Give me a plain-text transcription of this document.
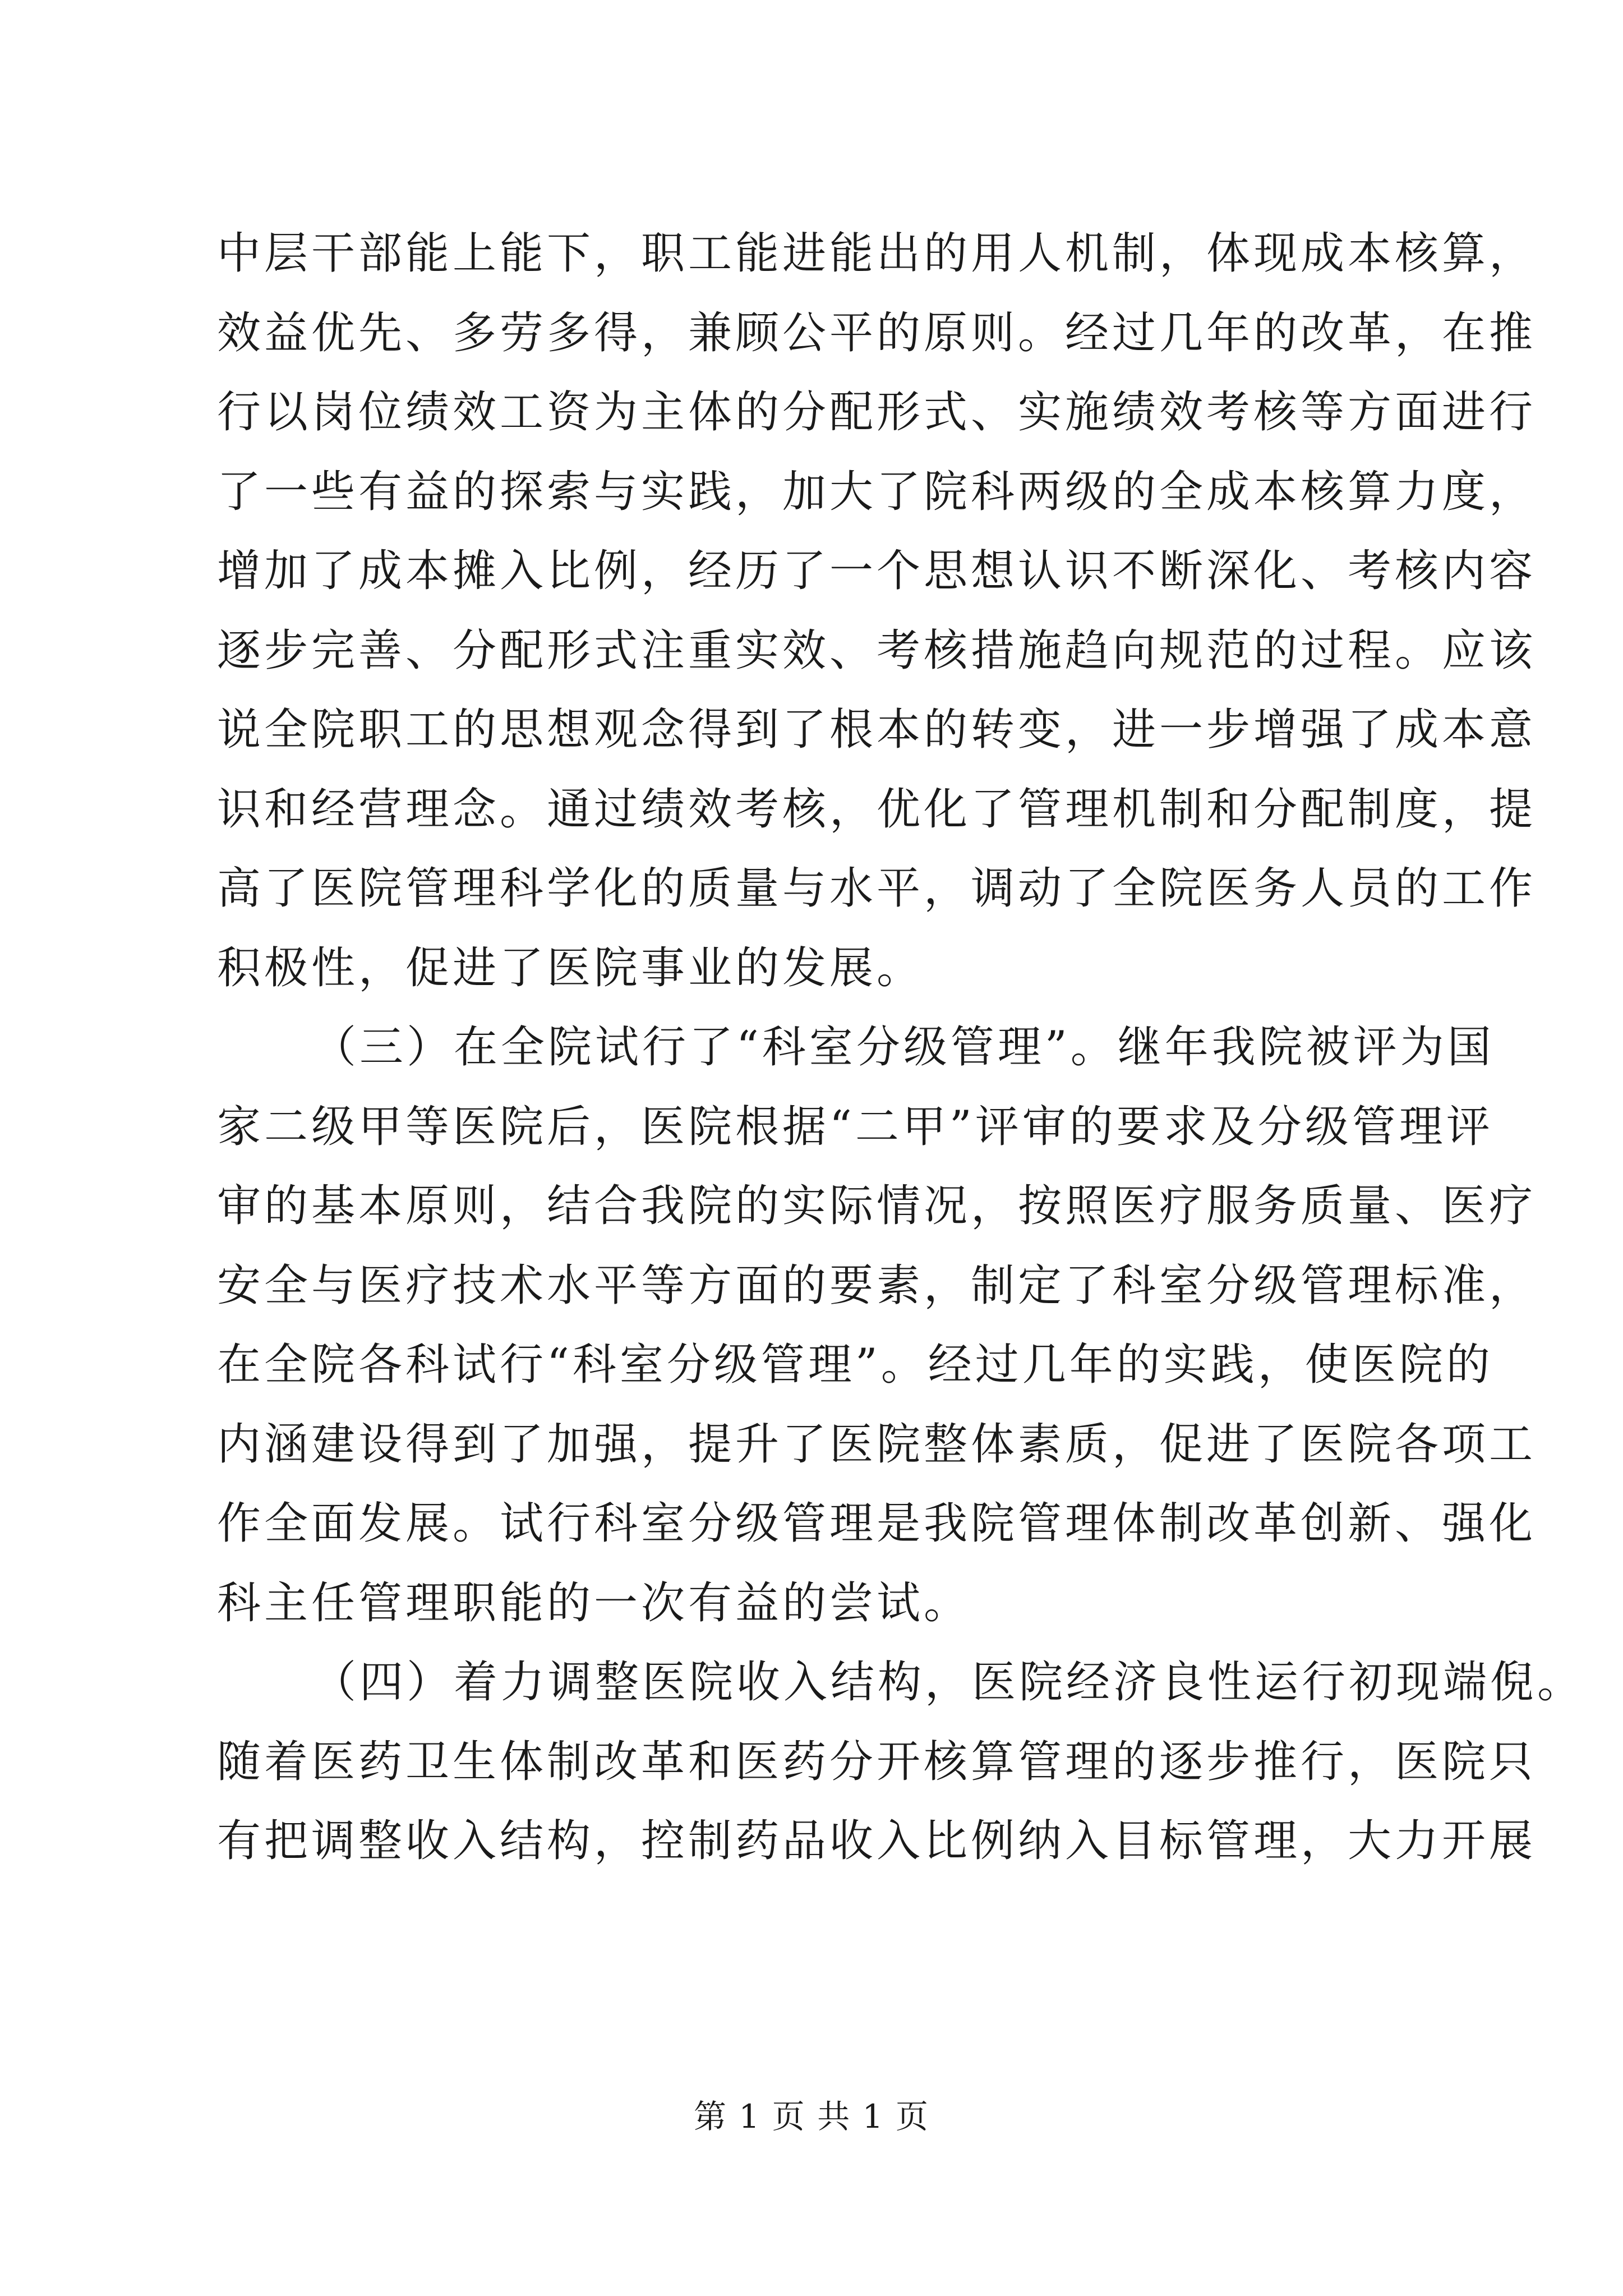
中层干部能上能下，职工能进能出的用人机制，体现成本核算，
效益优先、多劳多得，兼顾公平的原则。经过几年的改革，在推
行以岗位绩效工资为主体的分配形式、实施绩效考核等方面进行
了一些有益的探索与实践，加大了院科两级的全成本核算力度，
增加了成本摊入比例，经历了一个思想认识不断深化、考核内容
逐步完善、分配形式注重实效、考核措施趋向规范的过程。应该
说全院职工的思想观念得到了根本的转变，进一步增强了成本意
识和经营理念。通过绩效考核，优化了管理机制和分配制度，提
高了医院管理科学化的质量与水平，调动了全院医务人员的工作
积极性，促进了医院事业的发展。
（三）在全院试行了“科室分级管理”。继年我院被评为国
家二级甲等医院后，医院根据“二甲”评审的要求及分级管理评
审的基本原则，结合我院的实际情况，按照医疗服务质量、医疗
安全与医疗技术水平等方面的要素，制定了科室分级管理标准，
在全院各科试行“科室分级管理”。经过几年的实践，使医院的
内涵建设得到了加强，提升了医院整体素质，促进了医院各项工
作全面发展。试行科室分级管理是我院管理体制改革创新、强化
科主任管理职能的一次有益的尝试。
（四）着力调整医院收入结构，医院经济良性运行初现端倪。
随着医药卫生体制改革和医药分开核算管理的逐步推行，医院只
有把调整收入结构，控制药品收入比例纳入目标管理，大力开展
第 1 页 共 1 页
